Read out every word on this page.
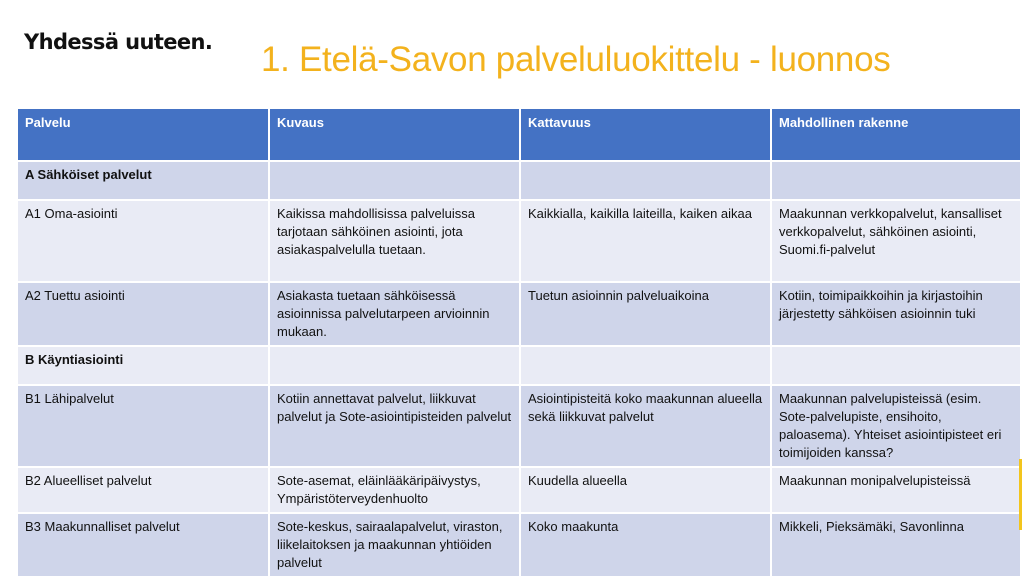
Yhdessä uuteen. 1. Etelä-Savon palveluluokittelu - luonnos
Palvelu	Kuvaus	Kattavuus	Mahdollinen rakenne
A Sähköiset palvelut			
A1 Oma-asiointi	Kaikissa mahdollisissa palveluissa tarjotaan sähköinen asiointi, jota asiakaspalvelulla tuetaan.	Kaikkialla, kaikilla laiteilla, kaiken aikaa	Maakunnan verkkopalvelut, kansalliset verkkopalvelut, sähköinen asiointi, Suomi.fi-palvelut
A2 Tuettu asiointi	Asiakasta tuetaan sähköisessä asioinnissa palvelutarpeen arvioinnin mukaan.	Tuetun asioinnin palveluaikoina	Kotiin, toimipaikkoihin ja kirjastoihin järjestetty sähköisen asioinnin tuki
B Käyntiasiointi			
B1 Lähipalvelut	Kotiin annettavat palvelut, liikkuvat palvelut ja Sote-asiointipisteiden palvelut	Asiointipisteitä koko maakunnan alueella sekä liikkuvat palvelut	Maakunnan palvelupisteissä (esim. Sote-palvelupiste, ensihoito, paloasema). Yhteiset asiointipisteet eri toimijoiden kanssa?
B2 Alueelliset palvelut	Sote-asemat, eläinlääkäripäivystys, Ympäristöterveydenhuolto	Kuudella alueella	Maakunnan monipalvelupisteissä
B3 Maakunnalliset palvelut	Sote-keskus, sairaalapalvelut, viraston, liikelaitoksen ja maakunnan yhtiöiden palvelut	Koko maakunta	Mikkeli, Pieksämäki, Savonlinna
